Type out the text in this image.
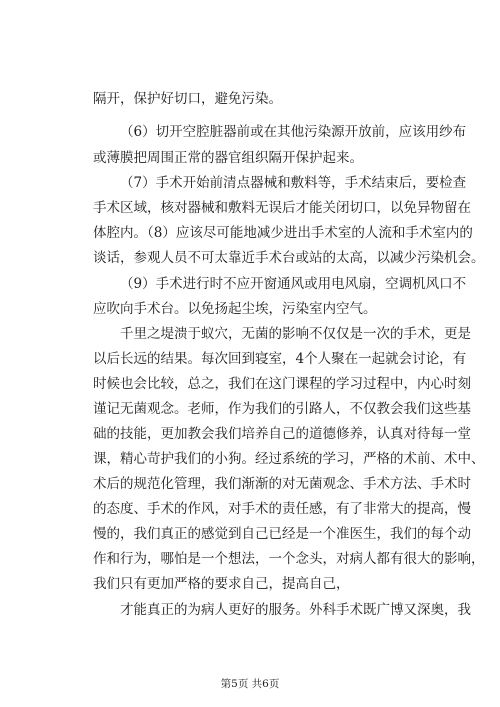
隔开，保护好切口，避免污染。
（6）切开空腔脏器前或在其他污染源开放前，应该用纱布
或薄膜把周围正常的器官组织隔开保护起来。
（7）手术开始前清点器械和敷料等，手术结束后，要检查
手术区域，核对器械和敷料无误后才能关闭切口，以免异物留在
体腔内。（8）应该尽可能地减少进出手术室的人流和手术室内的
谈话，参观人员不可太靠近手术台或站的太高，以减少污染机会。
（9）手术进行时不应开窗通风或用电风扇，空调机风口不
应吹向手术台。以免扬起尘埃，污染室内空气。
千里之堤溃于蚁穴，无菌的影响不仅仅是一次的手术，更是
以后长远的结果。每次回到寝室，4个人聚在一起就会讨论，有
时候也会比较，总之，我们在这门课程的学习过程中，内心时刻
谨记无菌观念。老师，作为我们的引路人，不仅教会我们这些基
础的技能，更加教会我们培养自己的道德修养，认真对待每一堂
课，精心苛护我们的小狗。经过系统的学习，严格的术前、术中、
术后的规范化管理，我们渐渐的对无菌观念、手术方法、手术时
的态度、手术的作风，对手术的责任感，有了非常大的提高，慢
慢的，我们真正的感觉到自己已经是一个准医生，我们的每个动
作和行为，哪怕是一个想法，一个念头，对病人都有很大的影响，
我们只有更加严格的要求自己，提高自己，
才能真正的为病人更好的服务。外科手术既广博又深奥，我
第5页 共6页
